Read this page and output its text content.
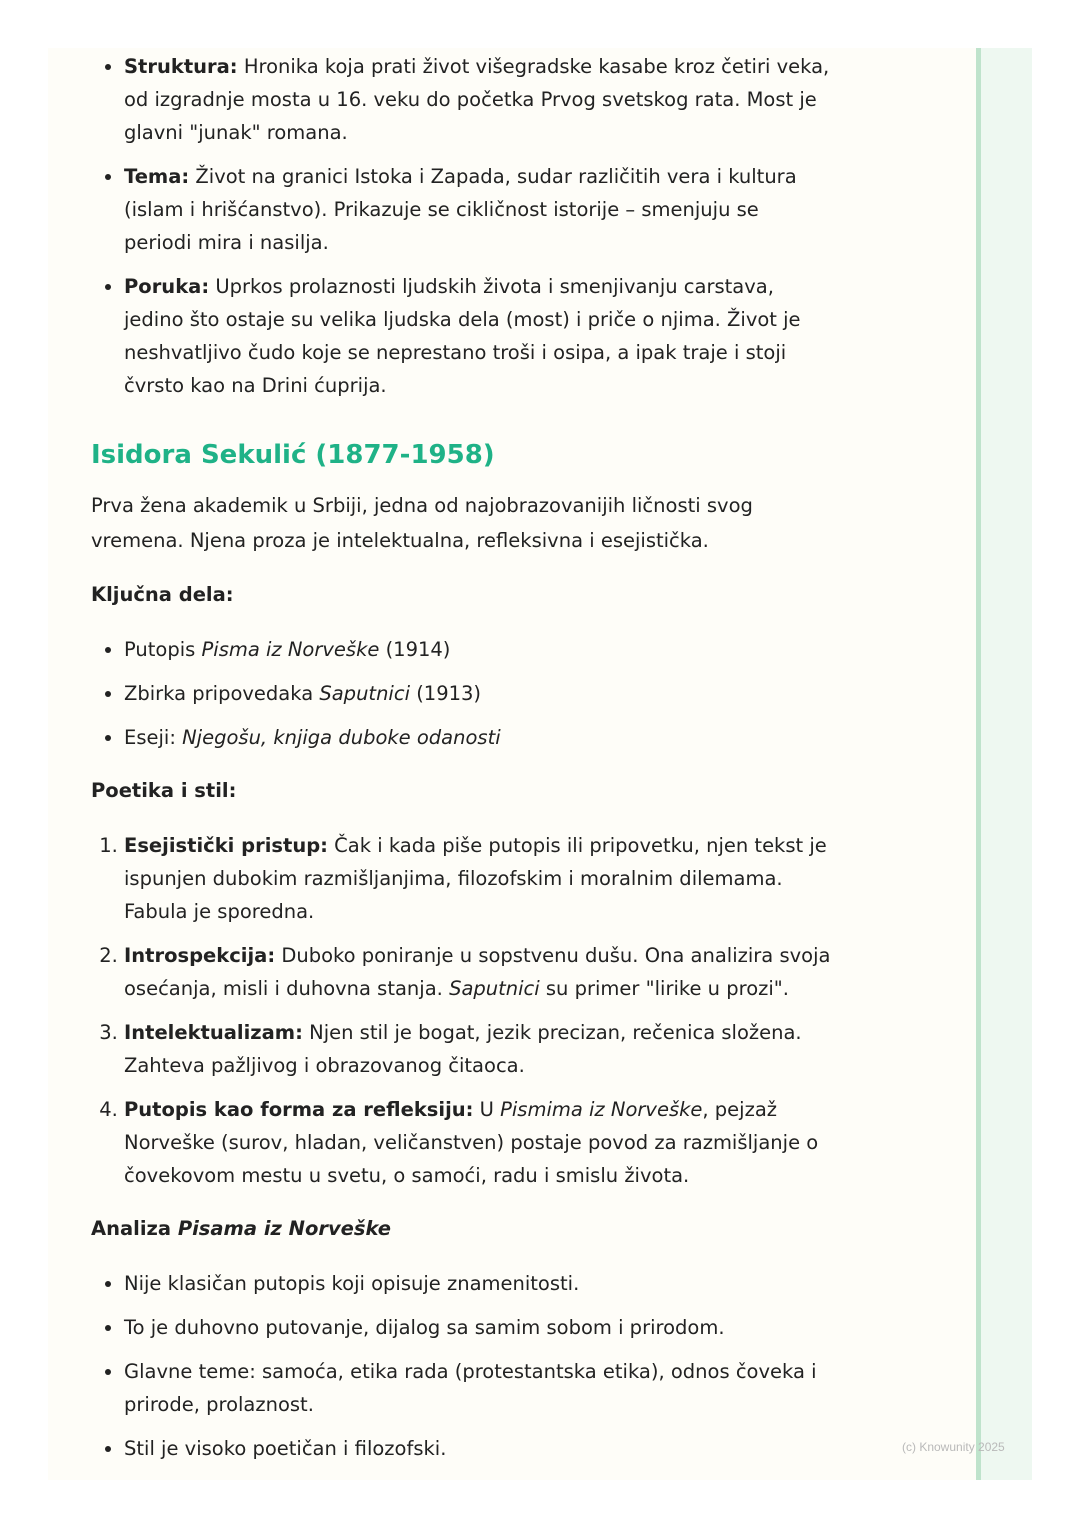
• Struktura: Hronika koja prati život višegradske kasabe kroz četiri veka, od izgradnje mosta u 16. veku do početka Prvog svetskog rata. Most je glavni "junak" romana.
• Tema: Život na granici Istoka i Zapada, sudar različitih vera i kultura (islam i hrišćanstvo). Prikazuje se cikličnost istorije – smenjuju se periodi mira i nasilja.
• Poruka: Uprkos prolaznosti ljudskih života i smenjivanju carstava, jedino što ostaje su velika ljudska dela (most) i priče o njima. Život je neshvatljivo čudo koje se neprestano troši i osipa, a ipak traje i stoji čvrsto kao na Drini ćuprija.
Isidora Sekulić (1877-1958)

Prva žena akademik u Srbiji, jedna od najobrazovanijih ličnosti svog vremena. Njena proza je intelektualna, refleksivna i esejistička.

Ključna dela:

• Putopis Pisma iz Norveške (1914)
• Zbirka pripovedaka Saputnici (1913)
• Eseji: Njegošu, knjiga duboke odanosti

Poetika i stil:

1. Esejistički pristup: Čak i kada piše putopis ili pripovetku, njen tekst je ispunjen dubokim razmišljanjima, filozofskim i moralnim dilemama. Fabula je sporedna.
2. Introspekcija: Duboko poniranje u sopstvenu dušu. Ona analizira svoja osećanja, misli i duhovna stanja. Saputnici su primer "lirike u prozi".
3. Intelektualizam: Njen stil je bogat, jezik precizan, rečenica složena. Zahteva pažljivog i obrazovanog čitaoca.
4. Putopis kao forma za refleksiju: U Pismima iz Norveške, pejzaž Norveške (surov, hladan, veličanstven) postaje povod za razmišljanje o čovekovom mestu u svetu, o samoći, radu i smislu života.

Analiza Pisama iz Norveške

• Nije klasičan putopis koji opisuje znamenitosti.
• To je duhovno putovanje, dijalog sa samim sobom i prirodom.
• Glavne teme: samoća, etika rada (protestantska etika), odnos čoveka i prirode, prolaznost.
• Stil je visoko poetičan i filozofski.	(c) Knowunity 2025
